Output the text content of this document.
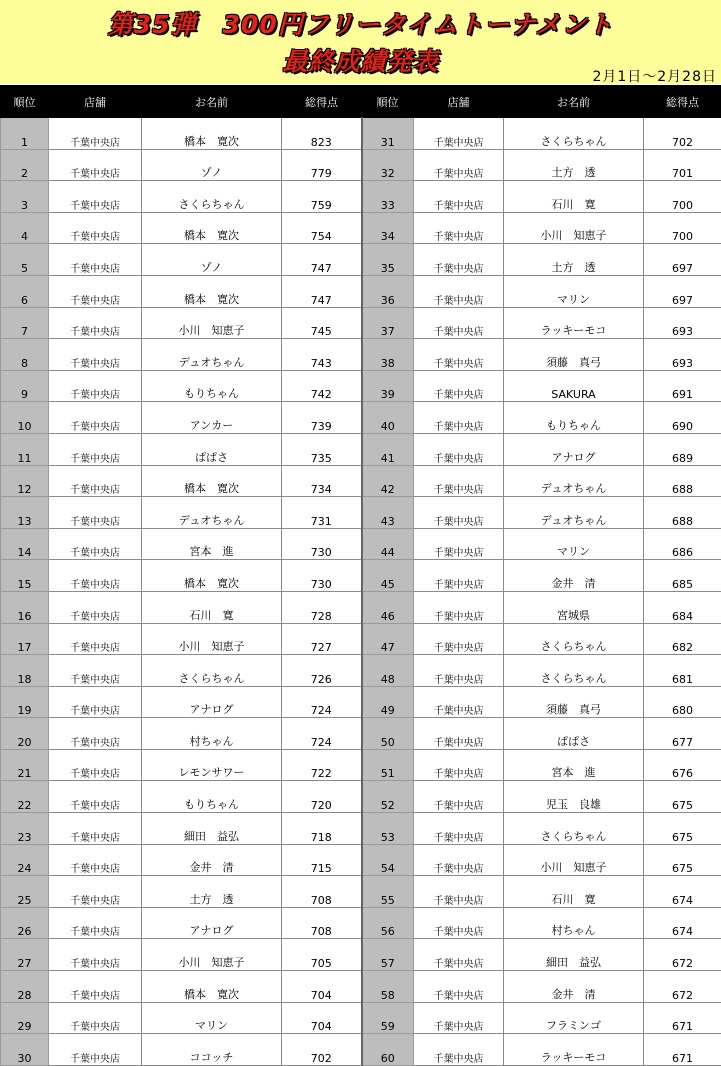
第35弾　300円フリータイムトーナメント
最終成績発表
2月1日～2月28日
順位	店舗	お名前	総得点	順位	店舗	お名前	総得点
1	千葉中央店	橋本　寛次	823	31	千葉中央店	さくらちゃん	702
2	千葉中央店	ゾノ	779	32	千葉中央店	土方　透	701
3	千葉中央店	さくらちゃん	759	33	千葉中央店	石川　寛	700
4	千葉中央店	橋本　寛次	754	34	千葉中央店	小川　知恵子	700
5	千葉中央店	ゾノ	747	35	千葉中央店	土方　透	697
6	千葉中央店	橋本　寛次	747	36	千葉中央店	マリン	697
7	千葉中央店	小川　知恵子	745	37	千葉中央店	ラッキーモコ	693
8	千葉中央店	デュオちゃん	743	38	千葉中央店	須藤　真弓	693
9	千葉中央店	もりちゃん	742	39	千葉中央店	SAKURA	691
10	千葉中央店	アンカー	739	40	千葉中央店	もりちゃん	690
11	千葉中央店	ぱぱさ	735	41	千葉中央店	アナログ	689
12	千葉中央店	橋本　寛次	734	42	千葉中央店	デュオちゃん	688
13	千葉中央店	デュオちゃん	731	43	千葉中央店	デュオちゃん	688
14	千葉中央店	宮本　進	730	44	千葉中央店	マリン	686
15	千葉中央店	橋本　寛次	730	45	千葉中央店	金井　清	685
16	千葉中央店	石川　寛	728	46	千葉中央店	宮城県	684
17	千葉中央店	小川　知恵子	727	47	千葉中央店	さくらちゃん	682
18	千葉中央店	さくらちゃん	726	48	千葉中央店	さくらちゃん	681
19	千葉中央店	アナログ	724	49	千葉中央店	須藤　真弓	680
20	千葉中央店	村ちゃん	724	50	千葉中央店	ぱぱさ	677
21	千葉中央店	レモンサワー	722	51	千葉中央店	宮本　進	676
22	千葉中央店	もりちゃん	720	52	千葉中央店	児玉　良雄	675
23	千葉中央店	細田　益弘	718	53	千葉中央店	さくらちゃん	675
24	千葉中央店	金井　清	715	54	千葉中央店	小川　知恵子	675
25	千葉中央店	土方　透	708	55	千葉中央店	石川　寛	674
26	千葉中央店	アナログ	708	56	千葉中央店	村ちゃん	674
27	千葉中央店	小川　知恵子	705	57	千葉中央店	細田　益弘	672
28	千葉中央店	橋本　寛次	704	58	千葉中央店	金井　清	672
29	千葉中央店	マリン	704	59	千葉中央店	フラミンゴ	671
30	千葉中央店	ココッチ	702	60	千葉中央店	ラッキーモコ	671
